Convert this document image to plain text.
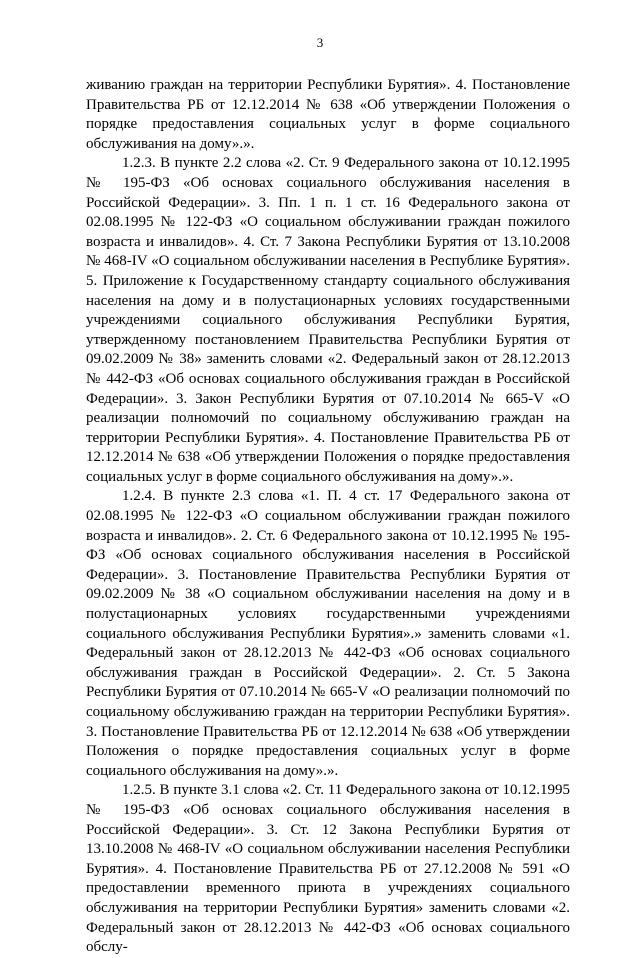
3

живанию граждан на территории Республики Бурятия». 4. Постановление Правительства РБ от 12.12.2014 № 638 «Об утверждении Положения о порядке предоставления социальных услуг в форме социального обслуживания на дому».».

1.2.3. В пункте 2.2 слова «2. Ст. 9 Федерального закона от 10.12.1995 № 195-ФЗ «Об основах социального обслуживания населения в Российской Федерации». 3. Пп. 1 п. 1 ст. 16 Федерального закона от 02.08.1995 № 122-ФЗ «О социальном обслуживании граждан пожилого возраста и инвалидов». 4. Ст. 7 Закона Республики Бурятия от 13.10.2008 № 468-IV «О социальном обслуживании населения в Республике Бурятия». 5. Приложение к Государственному стандарту социального обслуживания населения на дому и в полустационарных условиях государственными учреждениями социального обслуживания Республики Бурятия, утвержденному постановлением Правительства Республики Бурятия от 09.02.2009 № 38» заменить словами «2. Федеральный закон от 28.12.2013 № 442-ФЗ «Об основах социального обслуживания граждан в Российской Федерации». 3. Закон Республики Бурятия от 07.10.2014 № 665-V «О реализации полномочий по социальному обслуживанию граждан на территории Республики Бурятия». 4. Постановление Правительства РБ от 12.12.2014 № 638 «Об утверждении Положения о порядке предоставления социальных услуг в форме социального обслуживания на дому».».

1.2.4. В пункте 2.3 слова «1. П. 4 ст. 17 Федерального закона от 02.08.1995 № 122-ФЗ «О социальном обслуживании граждан пожилого возраста и инвалидов». 2. Ст. 6 Федерального закона от 10.12.1995 № 195-ФЗ «Об основах социального обслуживания населения в Российской Федерации». 3. Постановление Правительства Республики Бурятия от 09.02.2009 № 38 «О социальном обслуживании населения на дому и в полустационарных условиях государственными учреждениями социального обслуживания Республики Бурятия».» заменить словами «1. Федеральный закон от 28.12.2013 № 442-ФЗ «Об основах социального обслуживания граждан в Российской Федерации». 2. Ст. 5 Закона Республики Бурятия от 07.10.2014 № 665-V «О реализации полномочий по социальному обслуживанию граждан на территории Республики Бурятия». 3. Постановление Правительства РБ от 12.12.2014 № 638 «Об утверждении Положения о порядке предоставления социальных услуг в форме социального обслуживания на дому».».

1.2.5. В пункте 3.1 слова «2. Ст. 11 Федерального закона от 10.12.1995 № 195-ФЗ «Об основах социального обслуживания населения в Российской Федерации». 3. Ст. 12 Закона Республики Бурятия от 13.10.2008 № 468-IV «О социальном обслуживании населения Республики Бурятия». 4. Постановление Правительства РБ от 27.12.2008 № 591 «О предоставлении временного приюта в учреждениях социального обслуживания на территории Республики Бурятия» заменить словами «2. Федеральный закон от 28.12.2013 № 442-ФЗ «Об основах социального обслу-
